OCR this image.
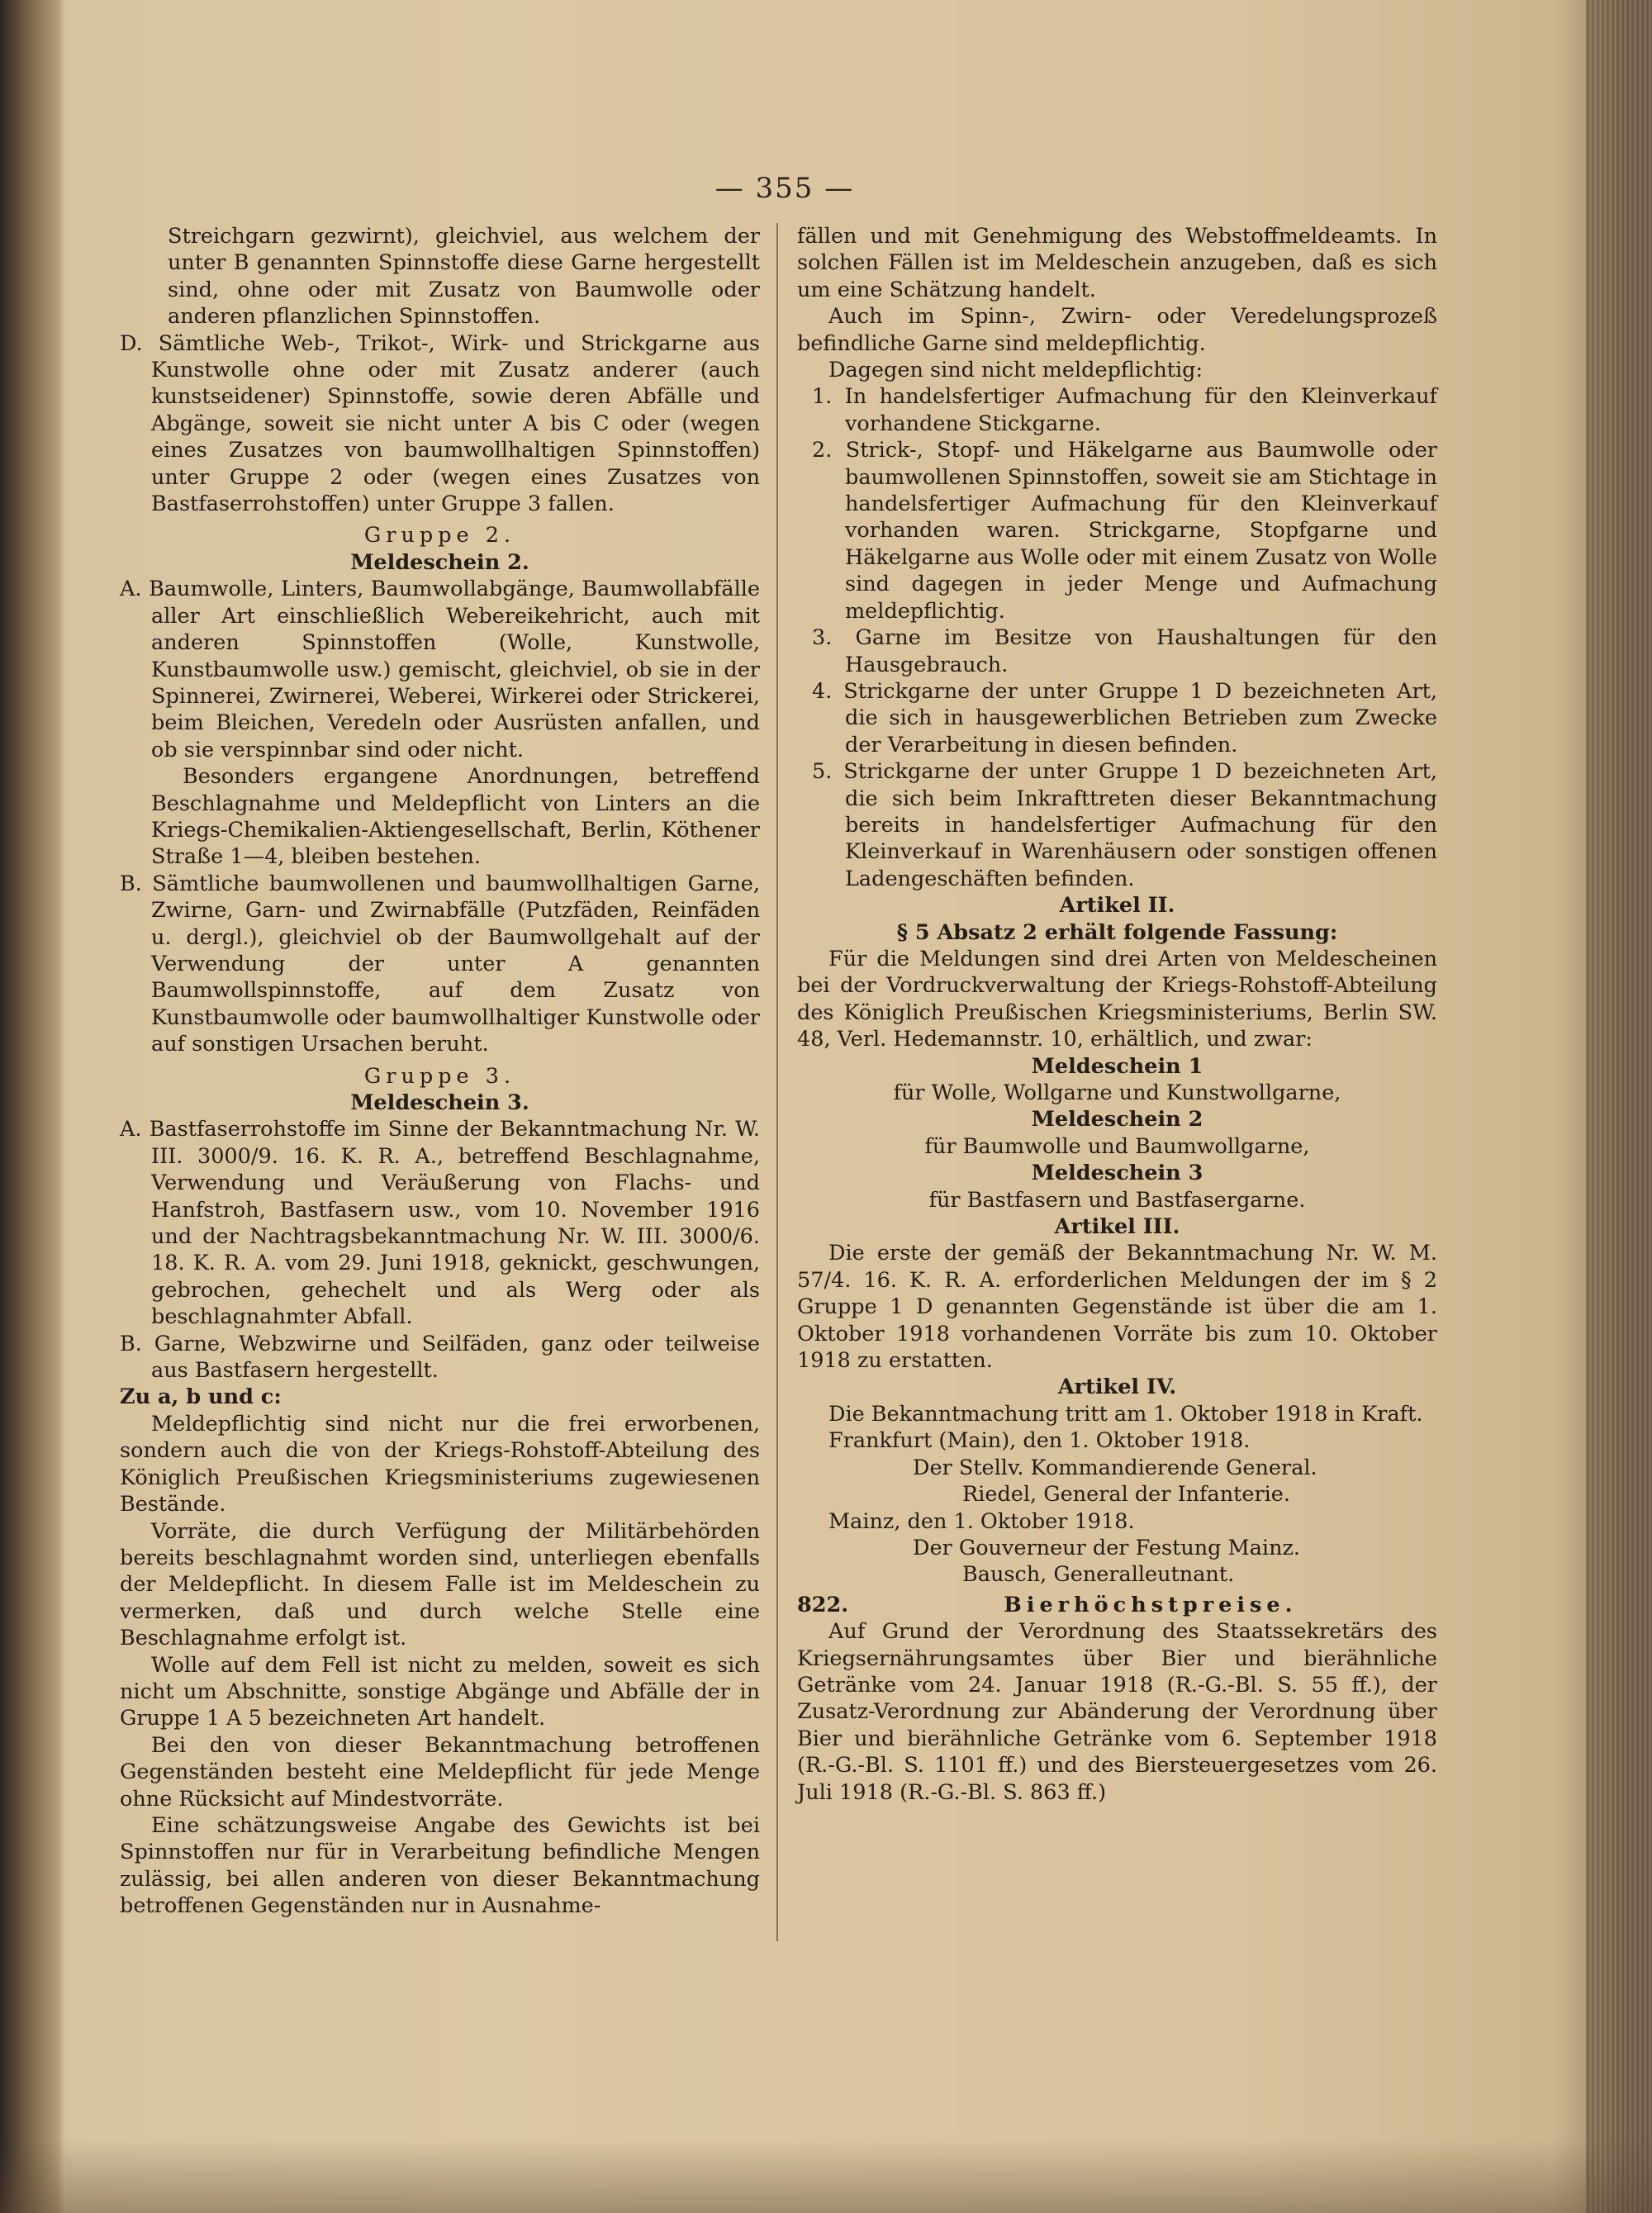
— 355 —

Streichgarn gezwirnt), gleichviel, aus welchem der unter B genannten Spinnstoffe diese Garne hergestellt sind, ohne oder mit Zusatz von Baumwolle oder anderen pflanzlichen Spinnstoffen.

D. Sämtliche Web-, Trikot-, Wirk- und Strickgarne aus Kunstwolle ohne oder mit Zusatz anderer (auch kunstseidener) Spinnstoffe, sowie deren Abfälle und Abgänge, soweit sie nicht unter A bis C oder (wegen eines Zusatzes von baumwollhaltigen Spinnstoffen) unter Gruppe 2 oder (wegen eines Zusatzes von Bastfaserrohstoffen) unter Gruppe 3 fallen.

Gruppe 2.

Meldeschein 2.

A. Baumwolle, Linters, Baumwollabgänge, Baumwollabfälle aller Art einschließlich Webereikehricht, auch mit anderen Spinnstoffen (Wolle, Kunstwolle, Kunstbaumwolle usw.) gemischt, gleichviel, ob sie in der Spinnerei, Zwirnerei, Weberei, Wirkerei oder Strickerei, beim Bleichen, Veredeln oder Ausrüsten anfallen, und ob sie verspinnbar sind oder nicht.

Besonders ergangene Anordnungen, betreffend Beschlagnahme und Meldepflicht von Linters an die Kriegs-Chemikalien-Aktiengesellschaft, Berlin, Köthener Straße 1—4, bleiben bestehen.

B. Sämtliche baumwollenen und baumwollhaltigen Garne, Zwirne, Garn- und Zwirnabfälle (Putzfäden, Reinfäden u. dergl.), gleichviel ob der Baumwollgehalt auf der Verwendung der unter A genannten Baumwollspinnstoffe, auf dem Zusatz von Kunstbaumwolle oder baumwollhaltiger Kunstwolle oder auf sonstigen Ursachen beruht.

Gruppe 3.

Meldeschein 3.

A. Bastfaserrohstoffe im Sinne der Bekanntmachung Nr. W. III. 3000/9. 16. K. R. A., betreffend Beschlagnahme, Verwendung und Veräußerung von Flachs- und Hanfstroh, Bastfasern usw., vom 10. November 1916 und der Nachtragsbekanntmachung Nr. W. III. 3000/6. 18. K. R. A. vom 29. Juni 1918, geknickt, geschwungen, gebrochen, gehechelt und als Werg oder als beschlagnahmter Abfall.

B. Garne, Webzwirne und Seilfäden, ganz oder teilweise aus Bastfasern hergestellt.

Zu a, b und c:

Meldepflichtig sind nicht nur die frei erworbenen, sondern auch die von der Kriegs-Rohstoff-Abteilung des Königlich Preußischen Kriegsministeriums zugewiesenen Bestände.

Vorräte, die durch Verfügung der Militärbehörden bereits beschlagnahmt worden sind, unterliegen ebenfalls der Meldepflicht. In diesem Falle ist im Meldeschein zu vermerken, daß und durch welche Stelle eine Beschlagnahme erfolgt ist.

Wolle auf dem Fell ist nicht zu melden, soweit es sich nicht um Abschnitte, sonstige Abgänge und Abfälle der in Gruppe 1 A 5 bezeichneten Art handelt.

Bei den von dieser Bekanntmachung betroffenen Gegenständen besteht eine Meldepflicht für jede Menge ohne Rücksicht auf Mindestvorräte.

Eine schätzungsweise Angabe des Gewichts ist bei Spinnstoffen nur für in Verarbeitung befindliche Mengen zulässig, bei allen anderen von dieser Bekanntmachung betroffenen Gegenständen nur in Ausnahme-

fällen und mit Genehmigung des Webstoffmeldeamts. In solchen Fällen ist im Meldeschein anzugeben, daß es sich um eine Schätzung handelt.

Auch im Spinn-, Zwirn- oder Veredelungsprozeß befindliche Garne sind meldepflichtig.

Dagegen sind nicht meldepflichtig:

1. In handelsfertiger Aufmachung für den Kleinverkauf vorhandene Stickgarne.

2. Strick-, Stopf- und Häkelgarne aus Baumwolle oder baumwollenen Spinnstoffen, soweit sie am Stichtage in handelsfertiger Aufmachung für den Kleinverkauf vorhanden waren. Strickgarne, Stopfgarne und Häkelgarne aus Wolle oder mit einem Zusatz von Wolle sind dagegen in jeder Menge und Aufmachung meldepflichtig.

3. Garne im Besitze von Haushaltungen für den Hausgebrauch.

4. Strickgarne der unter Gruppe 1 D bezeichneten Art, die sich in hausgewerblichen Betrieben zum Zwecke der Verarbeitung in diesen befinden.

5. Strickgarne der unter Gruppe 1 D bezeichneten Art, die sich beim Inkrafttreten dieser Bekanntmachung bereits in handelsfertiger Aufmachung für den Kleinverkauf in Warenhäusern oder sonstigen offenen Ladengeschäften befinden.

Artikel II.

§ 5 Absatz 2 erhält folgende Fassung:

Für die Meldungen sind drei Arten von Meldescheinen bei der Vordruckverwaltung der Kriegs-Rohstoff-Abteilung des Königlich Preußischen Kriegsministeriums, Berlin SW. 48, Verl. Hedemannstr. 10, erhältlich, und zwar:

Meldeschein 1

für Wolle, Wollgarne und Kunstwollgarne,

Meldeschein 2

für Baumwolle und Baumwollgarne,

Meldeschein 3

für Bastfasern und Bastfasergarne.

Artikel III.

Die erste der gemäß der Bekanntmachung Nr. W. M. 57/4. 16. K. R. A. erforderlichen Meldungen der im § 2 Gruppe 1 D genannten Gegenstände ist über die am 1. Oktober 1918 vorhandenen Vorräte bis zum 10. Oktober 1918 zu erstatten.

Artikel IV.

Die Bekanntmachung tritt am 1. Oktober 1918 in Kraft.

Frankfurt (Main), den 1. Oktober 1918.

Der Stellv. Kommandierende General.

Riedel, General der Infanterie.

Mainz, den 1. Oktober 1918.

Der Gouverneur der Festung Mainz.

Bausch, Generalleutnant.

822.	Bierhöchstpreise.

Auf Grund der Verordnung des Staatssekretärs des Kriegsernährungsamtes über Bier und bierähnliche Getränke vom 24. Januar 1918 (R.-G.-Bl. S. 55 ff.), der Zusatz-Verordnung zur Abänderung der Verordnung über Bier und bierähnliche Getränke vom 6. September 1918 (R.-G.-Bl. S. 1101 ff.) und des Biersteuergesetzes vom 26. Juli 1918 (R.-G.-Bl. S. 863 ff.)
